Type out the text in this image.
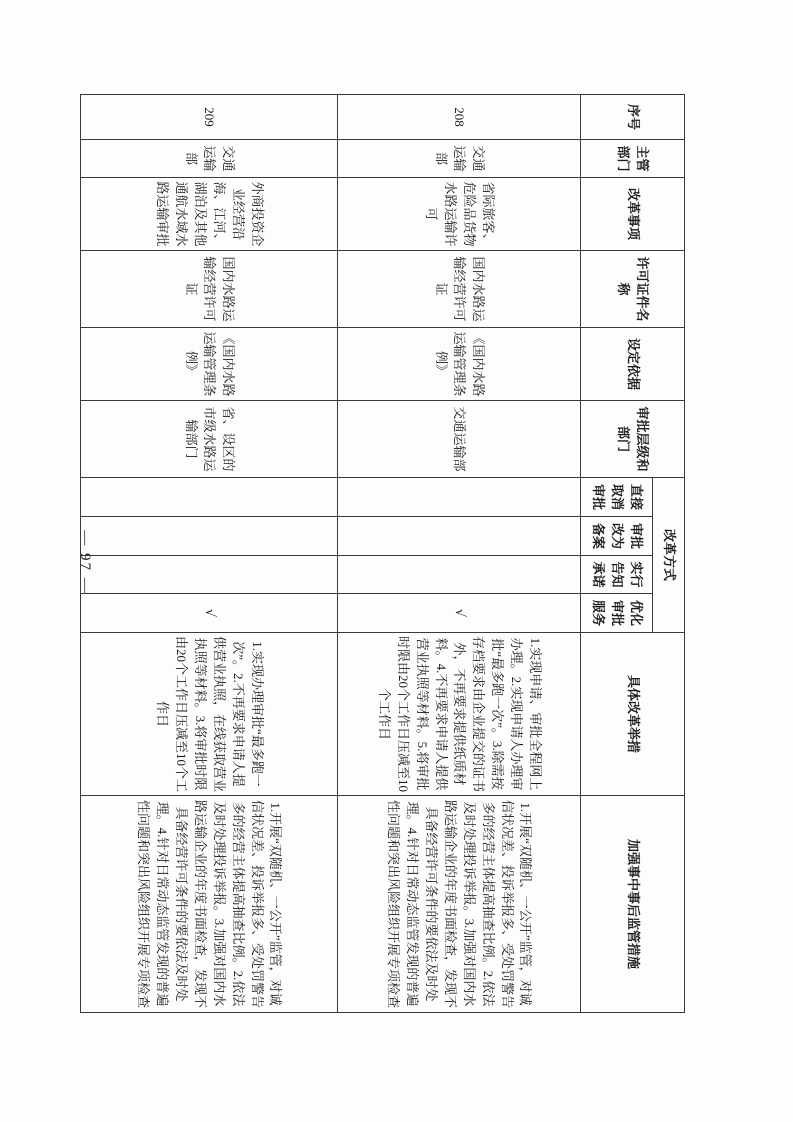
序号	主管部门	改革事项	许可证件名称	设定依据	审批层级和部门	改革方式				具体改革举措	加强事中事后监管措施
						直接取消审批	审批改为备案	实行告知承诺	优化审批服务		
208	交通运输部	省际旅客、危险品货物水路运输许可	国内水路运输经营许可证	《国内水路运输管理条例》	交通运输部				√	1.实现申请、审批全程网上办理。2.实现申请人办理审批“最多跑一次”。3.除需按存档要求由企业提交的证书外，不再要求提供纸质材料。4.不再要求申请人提供营业执照等材料。5.将审批时限由20个工作日压减至10个工作日	1.开展“双随机、一公开”监管，对诚信状况差、投诉举报多、受处罚警告多的经营主体提高抽查比例。2.依法及时处理投诉举报。3.加强对国内水路运输企业的年度书面检查，发现不具备经营许可条件的要依法及时处理。4.针对日常动态监管发现的普遍性问题和突出风险组织开展专项检查
209	交通运输部	外商投资企业经营沿海、江河、湖泊及其他通航水域水路运输审批	国内水路运输经营许可证	《国内水路运输管理条例》	省、设区的市级水路运输部门				√	1.实现办理审批“最多跑一次”。2.不再要求申请人提供营业执照，在线获取营业执照等材料。3.将审批时限由20个工作日压减至10个工作日	1.开展“双随机、一公开”监管，对诚信状况差、投诉举报多、受处罚警告多的经营主体提高抽查比例。2.依法及时处理投诉举报。3.加强对国内水路运输企业的年度书面检查，发现不具备经营许可条件的要依法及时处理。4.针对日常动态监管发现的普遍性问题和突出风险组织开展专项检查
— 97 —
